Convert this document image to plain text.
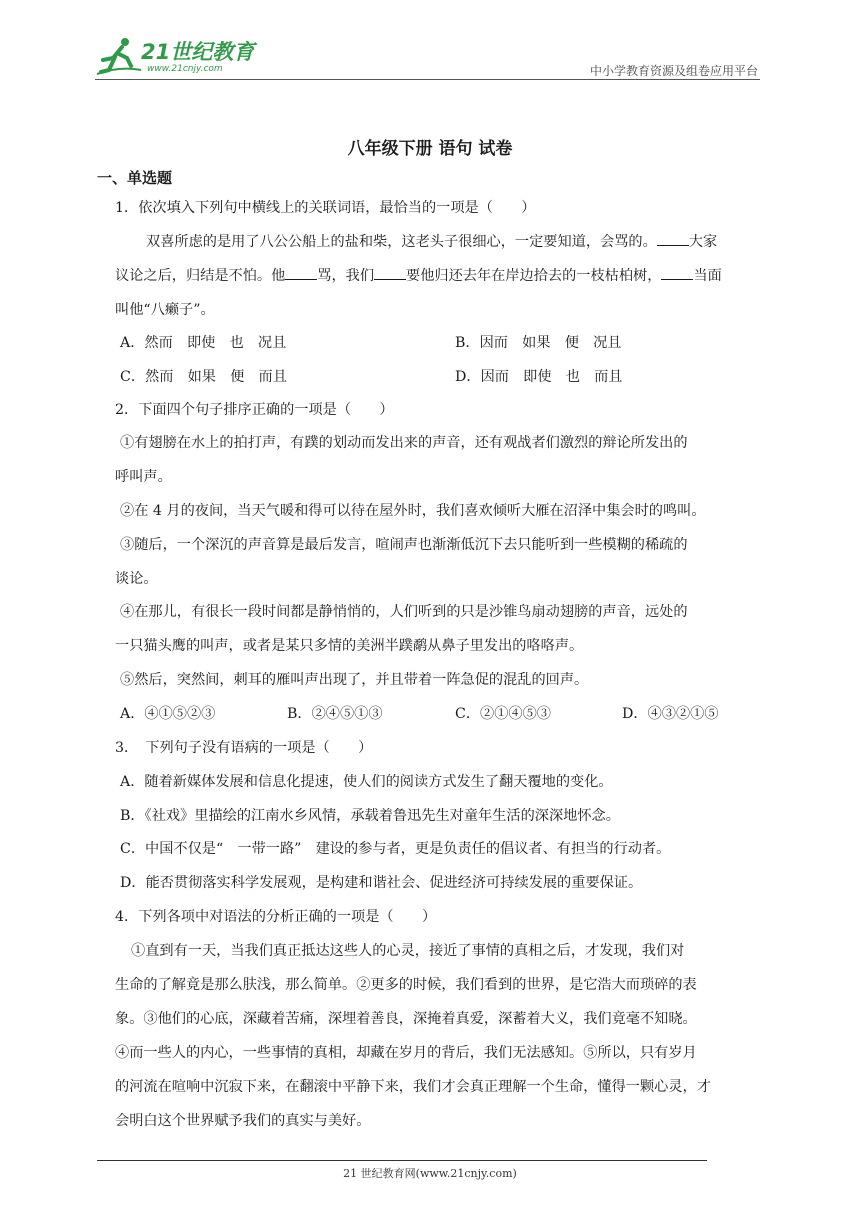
21世纪教育
www.21cnjy.com	中小学教育资源及组卷应用平台
八年级下册 语句 试卷
一、单选题
1．依次填入下列句中横线上的关联词语，最恰当的一项是（　　）
双喜所虑的是用了八公公船上的盐和柴，这老头子很细心，一定要知道，会骂的。 大家
议论之后，归结是不怕。他 骂，我们 要他归还去年在岸边拾去的一枝枯柏树， 当面
叫他“八癞子”。
A．然而　即使　也　况且	B．因而　如果　便　况且
C．然而　如果　便　而且	D．因而　即使　也　而且
2．下面四个句子排序正确的一项是（　　）
①有翅膀在水上的拍打声，有蹼的划动而发出来的声音，还有观战者们激烈的辩论所发出的
呼叫声。
②在 4 月的夜间，当天气暖和得可以待在屋外时，我们喜欢倾听大雁在沼泽中集会时的鸣叫。
③随后，一个深沉的声音算是最后发言，喧闹声也渐渐低沉下去只能听到一些模糊的稀疏的
谈论。
④在那儿，有很长一段时间都是静悄悄的，人们听到的只是沙锥鸟扇动翅膀的声音，远处的
一只猫头鹰的叫声，或者是某只多情的美洲半蹼鹬从鼻子里发出的咯咯声。
⑤然后，突然间，刺耳的雁叫声出现了，并且带着一阵急促的混乱的回声。
A．④①⑤②③	B．②④⑤①③	C．②①④⑤③	D．④③②①⑤
3．　下列句子没有语病的一项是（　　）
A．随着新媒体发展和信息化提速，使人们的阅读方式发生了翻天覆地的变化。
B．《社戏》里描绘的江南水乡风情，承载着鲁迅先生对童年生活的深深地怀念。
C．中国不仅是“　一带一路”　建设的参与者，更是负责任的倡议者、有担当的行动者。
D．能否贯彻落实科学发展观，是构建和谐社会、促进经济可持续发展的重要保证。
4．下列各项中对语法的分析正确的一项是（　　）
①直到有一天，当我们真正抵达这些人的心灵，接近了事情的真相之后，才发现，我们对
生命的了解竟是那么肤浅，那么简单。②更多的时候，我们看到的世界，是它浩大而琐碎的表
象。③他们的心底，深藏着苦痛，深埋着善良，深掩着真爱，深蓄着大义，我们竟毫不知晓。
④而一些人的内心，一些事情的真相，却藏在岁月的背后，我们无法感知。⑤所以，只有岁月
的河流在喧响中沉寂下来，在翻滚中平静下来，我们才会真正理解一个生命，懂得一颗心灵，才
会明白这个世界赋予我们的真实与美好。
21 世纪教育网(www.21cnjy.com)
